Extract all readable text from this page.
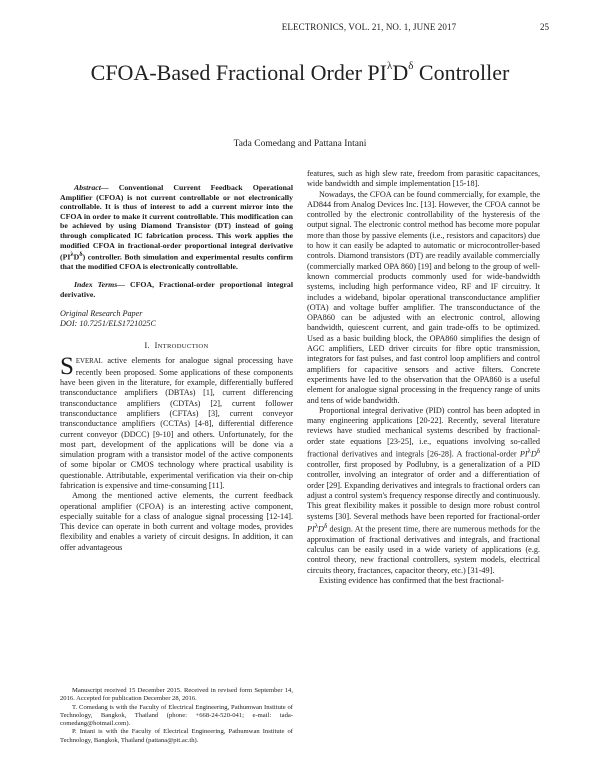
ELECTRONICS, VOL. 21, NO. 1, JUNE 2017	25
CFOA-Based Fractional Order $PI^\lambda D^\delta$ Controller
Tada Comedang and Pattana Intani

Abstract— Conventional Current Feedback Operational Amplifier (CFOA) is not current controllable or not electronically controllable. It is thus of interest to add a current mirror into the CFOA in order to make it current controllable. This modification can be achieved by using Diamond Transistor (DT) instead of going through complicated IC fabrication process. This work applies the modified CFOA in fractional-order proportional integral derivative $(PI^\lambda D^\delta)$ controller. Both simulation and experimental results confirm that the modified CFOA is electronically controllable.

Index Terms— CFOA, Fractional-order proportional integral derivative.

Original Research Paper

DOI: 10.7251/ELS1721025C

I. INTRODUCTION

SEVERAL active elements for analogue signal processing have recently been proposed. Some applications of these components have been given in the literature, for example, differentially buffered transconductance amplifiers (DBTAs) [1], current differencing transconductance amplifiers (CDTAs) [2], current follower transconductance amplifiers (CFTAs) [3], current conveyor transconductance amplifiers (CCTAs) [4-8], differential difference current conveyor (DDCC) [9-10] and others. Unfortunately, for the most part, development of the applications will be done via a simulation program with a transistor model of the active components of some bipolar or CMOS technology where practical usability is questionable. Attributable, experimental verification via their on-chip fabrication is expensive and time-consuming [11].

Among the mentioned active elements, the current feedback operational amplifier (CFOA) is an interesting active component, especially suitable for a class of analogue signal processing [12-14]. This device can operate in both current and voltage modes, provides flexibility and enables a variety of circuit designs. In addition, it can offer advantageous

features, such as high slew rate, freedom from parasitic capacitances, wide bandwidth and simple implementation [15-18].

Nowadays, the CFOA can be found commercially, for example, the AD844 from Analog Devices Inc. [13]. However, the CFOA cannot be controlled by the electronic controllability of the hysteresis of the output signal. The electronic control method has become more popular more than those by passive elements (i.e., resistors and capacitors) due to how it can easily be adapted to automatic or microcontroller-based controls. Diamond transistors (DT) are readily available commercially (commercially marked OPA 860) [19] and belong to the group of well-known commercial products commonly used for wide-bandwidth systems, including high performance video, RF and IF circuitry. It includes a wideband, bipolar operational transconductance amplifier (OTA) and voltage buffer amplifier. The transconductance of the OPA860 can be adjusted with an electronic control, allowing bandwidth, quiescent current, and gain trade-offs to be optimized. Used as a basic building block, the OPA860 simplifies the design of AGC amplifiers, LED driver circuits for fibre optic transmission, integrators for fast pulses, and fast control loop amplifiers and control amplifiers for capacitive sensors and active filters. Concrete experiments have led to the observation that the OPA860 is a useful element for analogue signal processing in the frequency range of units and tens of wide bandwidth.

Proportional integral derivative (PID) control has been adopted in many engineering applications [20-22]. Recently, several literature reviews have studied mechanical systems described by fractional-order state equations [23-25], i.e., equations involving so-called fractional derivatives and integrals [26-28]. A fractional-order $PI^\lambda D^\delta$ controller, first proposed by Podlubny, is a generalization of a PID controller, involving an integrator of order and a differentiation of order [29]. Expanding derivatives and integrals to fractional orders can adjust a control system's frequency response directly and continuously. This great flexibility makes it possible to design more robust control systems [30]. Several methods have been reported for fractional-order $PI^\lambda D^\delta$ design. At the present time, there are numerous methods for the approximation of fractional derivatives and integrals, and fractional calculus can be easily used in a wide variety of applications (e.g. control theory, new fractional controllers, system models, electrical circuits theory, fractances, capacitor theory, etc.) [31-49].

Existing evidence has confirmed that the best fractional-

Manuscript received 15 December 2015. Received in revised form September 14, 2016. Accepted for publication December 28, 2016.

T. Comedang is with the Faculty of Electrical Engineering, Pathumwan Institute of Technology, Bangkok, Thailand (phone: +668-24-520-041; e-mail: tada-comedang@hotmail.com).

P. Intani is with the Faculty of Electrical Engineering, Pathumwan Institute of Technology, Bangkok, Thailand (pattana@pit.ac.th).
